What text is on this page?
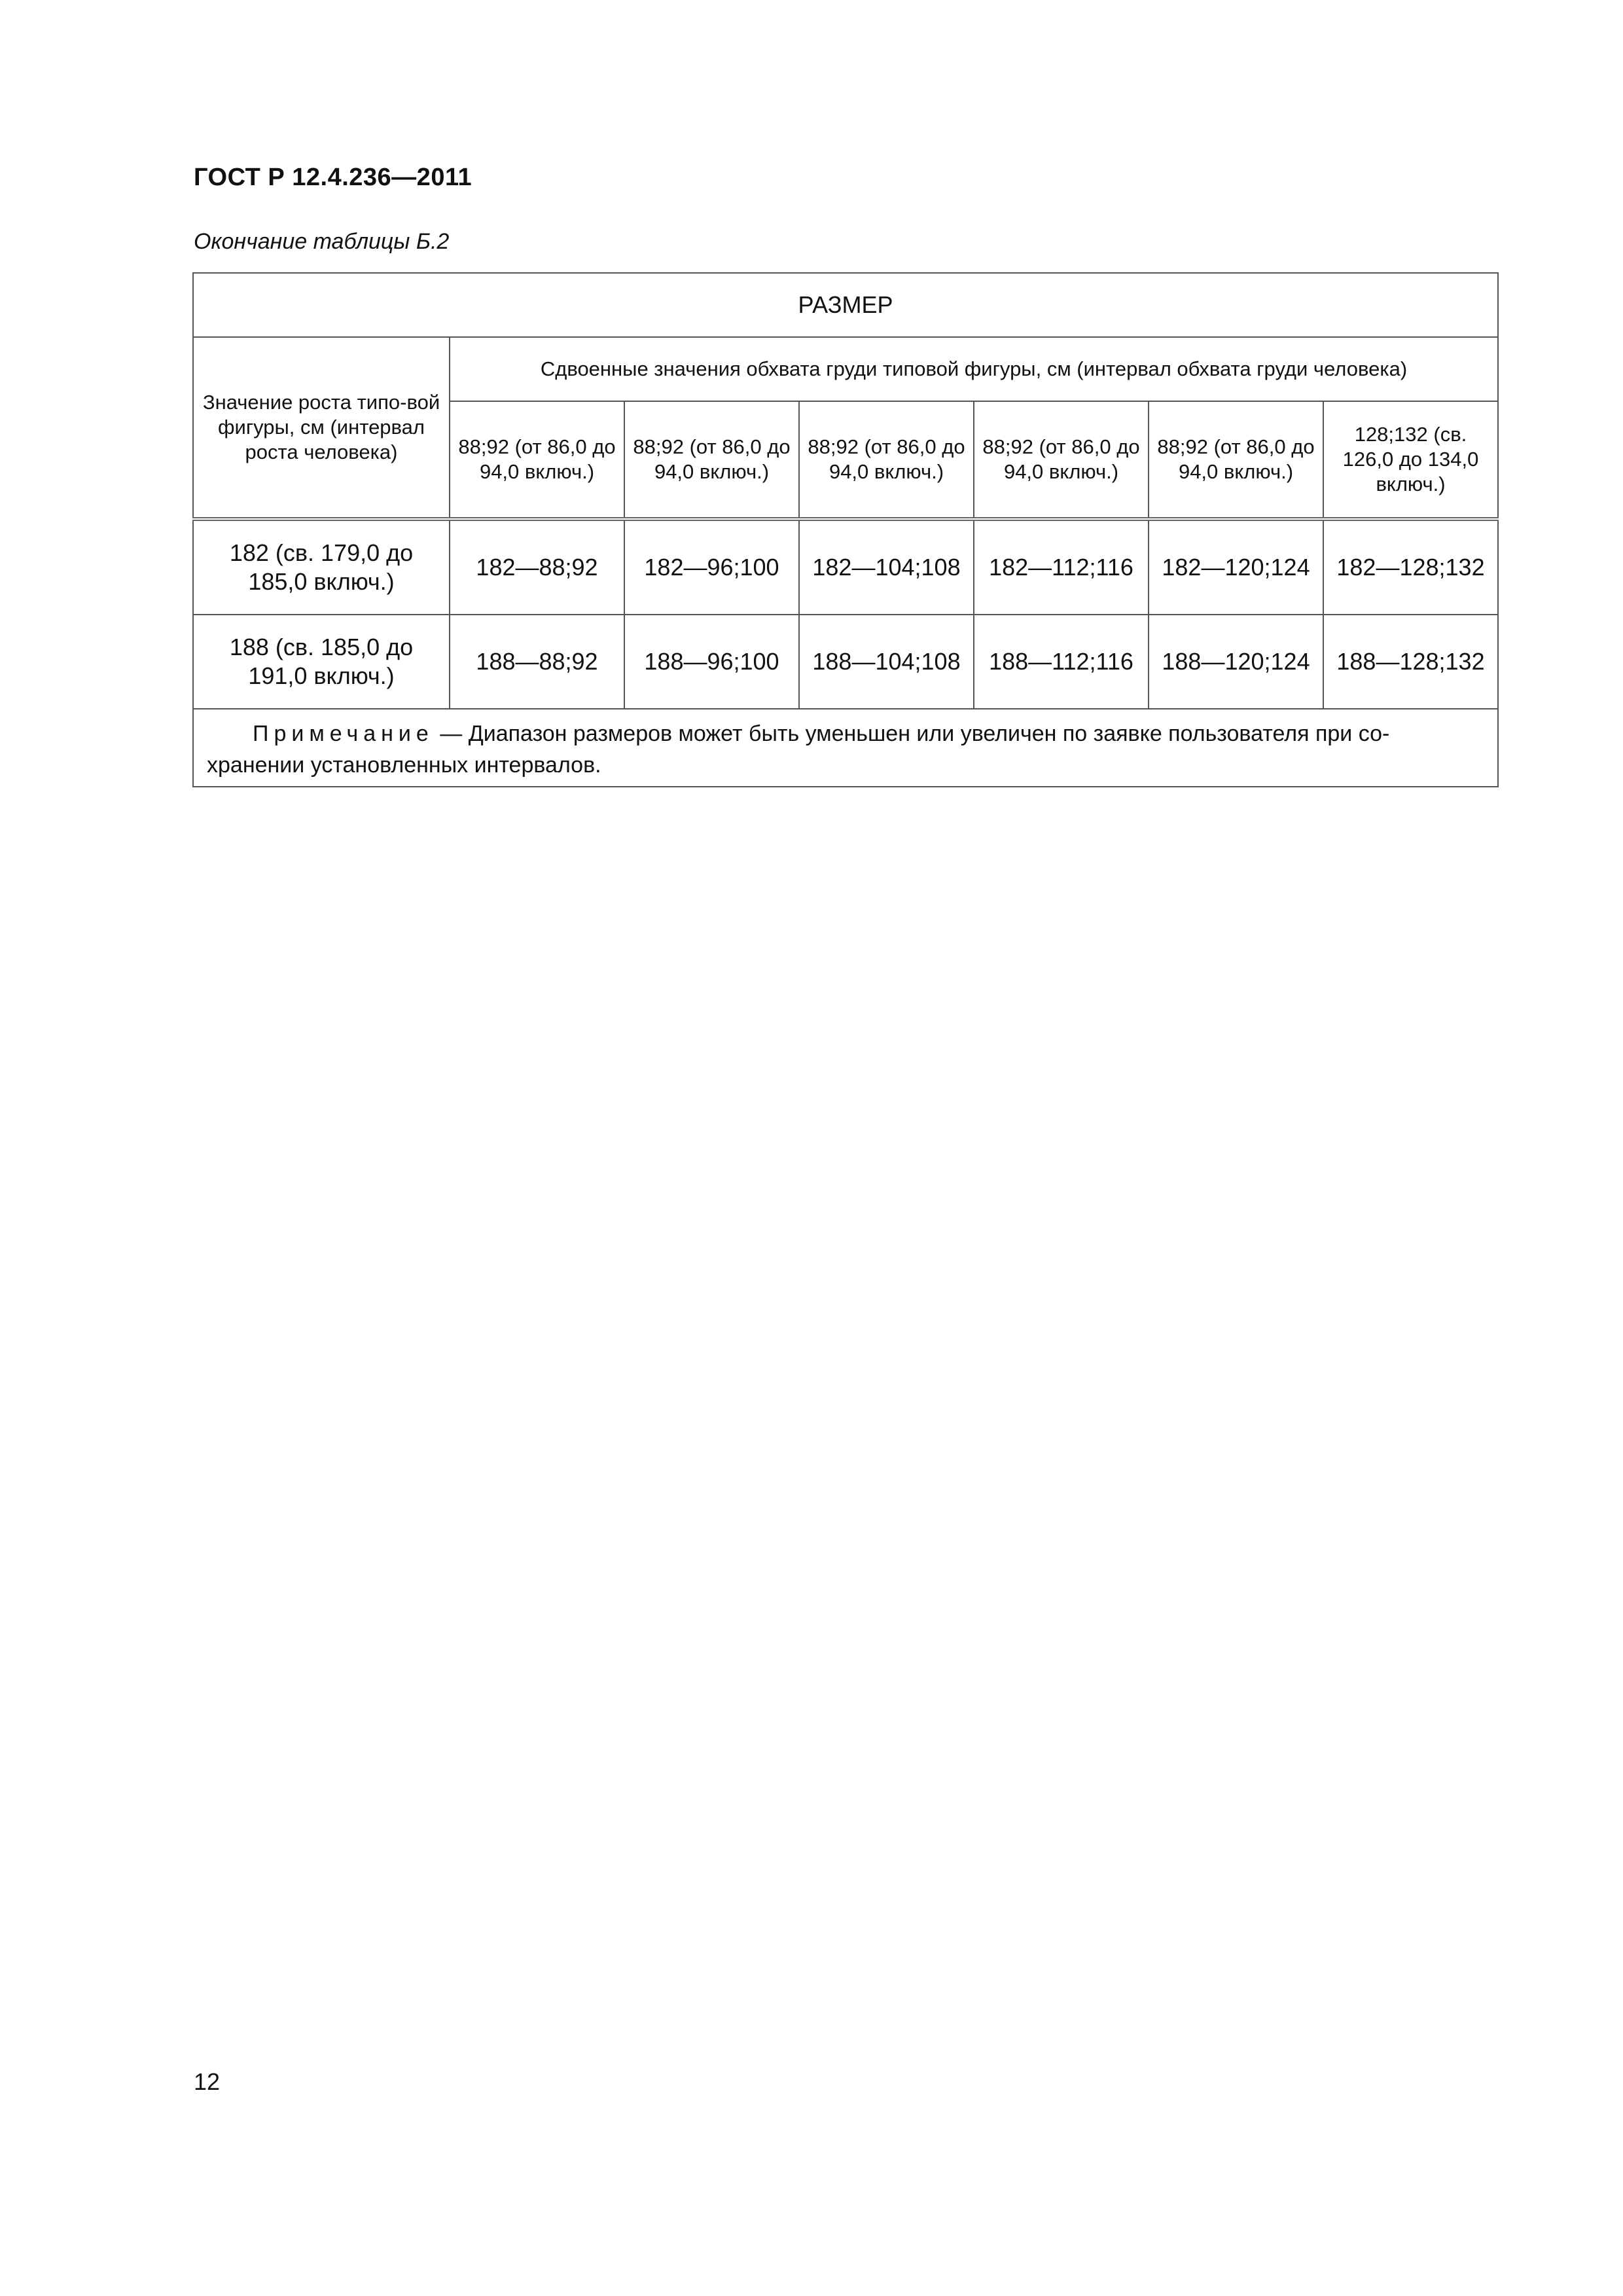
ГОСТ Р 12.4.236—2011
Окончание таблицы Б.2
РАЗМЕР						
Значение роста типо-вой фигуры, см (интервал роста человека)	Сдвоенные значения обхвата груди типовой фигуры, см (интервал обхвата груди человека)					
	88;92 (от 86,0 до 94,0 включ.)	88;92 (от 86,0 до 94,0 включ.)	88;92 (от 86,0 до 94,0 включ.)	88;92 (от 86,0 до 94,0 включ.)	88;92 (от 86,0 до 94,0 включ.)	128;132 (св. 126,0 до 134,0 включ.)
182 (св. 179,0 до 185,0 включ.)	182—88;92	182—96;100	182—104;108	182—112;116	182—120;124	182—128;132
188 (св. 185,0 до 191,0 включ.)	188—88;92	188—96;100	188—104;108	188—112;116	188—120;124	188—128;132
Примечание — Диапазон размеров может быть уменьшен или увеличен по заявке пользователя при со-хранении установленных интервалов.						
12
